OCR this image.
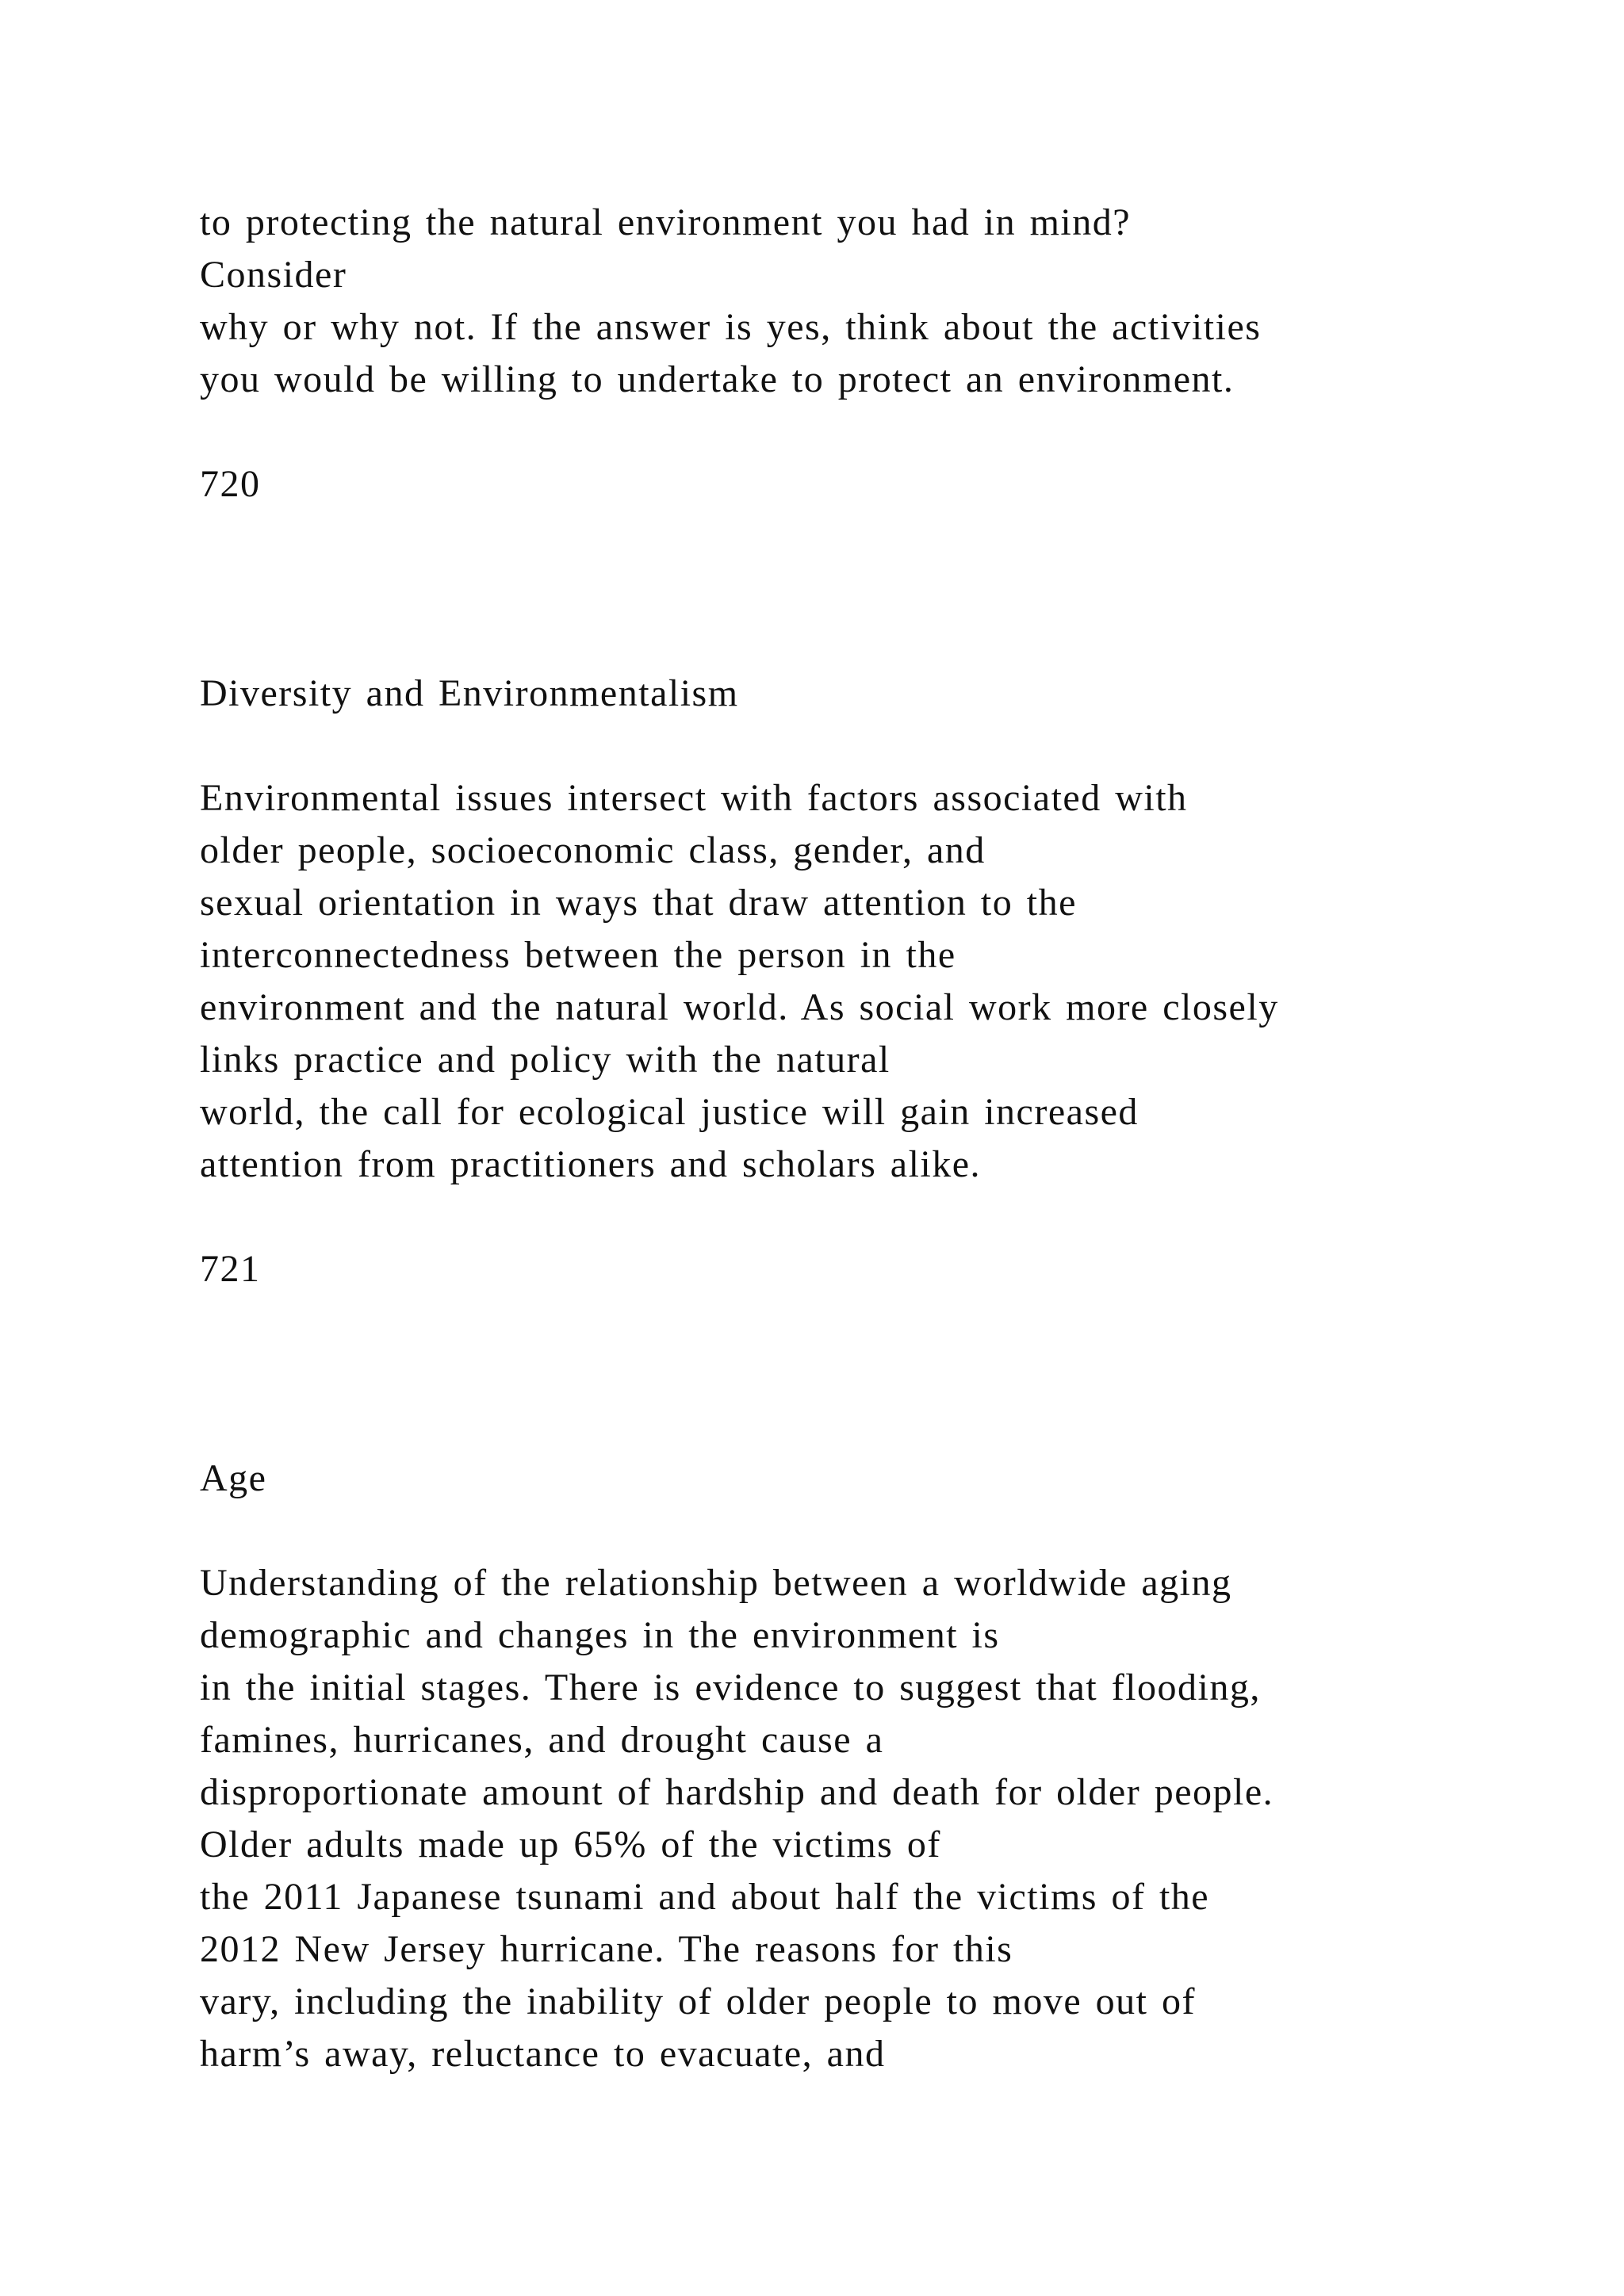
to protecting the natural environment you had in mind?
Consider
why or why not. If the answer is yes, think about the activities
you would be willing to undertake to protect an environment.
720
Diversity and Environmentalism
Environmental issues intersect with factors associated with
older people, socioeconomic class, gender, and
sexual orientation in ways that draw attention to the
interconnectedness between the person in the
environment and the natural world. As social work more closely
links practice and policy with the natural
world, the call for ecological justice will gain increased
attention from practitioners and scholars alike.
721
Age
Understanding of the relationship between a worldwide aging
demographic and changes in the environment is
in the initial stages. There is evidence to suggest that flooding,
famines, hurricanes, and drought cause a
disproportionate amount of hardship and death for older people.
Older adults made up 65% of the victims of
the 2011 Japanese tsunami and about half the victims of the
2012 New Jersey hurricane. The reasons for this
vary, including the inability of older people to move out of
harm’s away, reluctance to evacuate, and
